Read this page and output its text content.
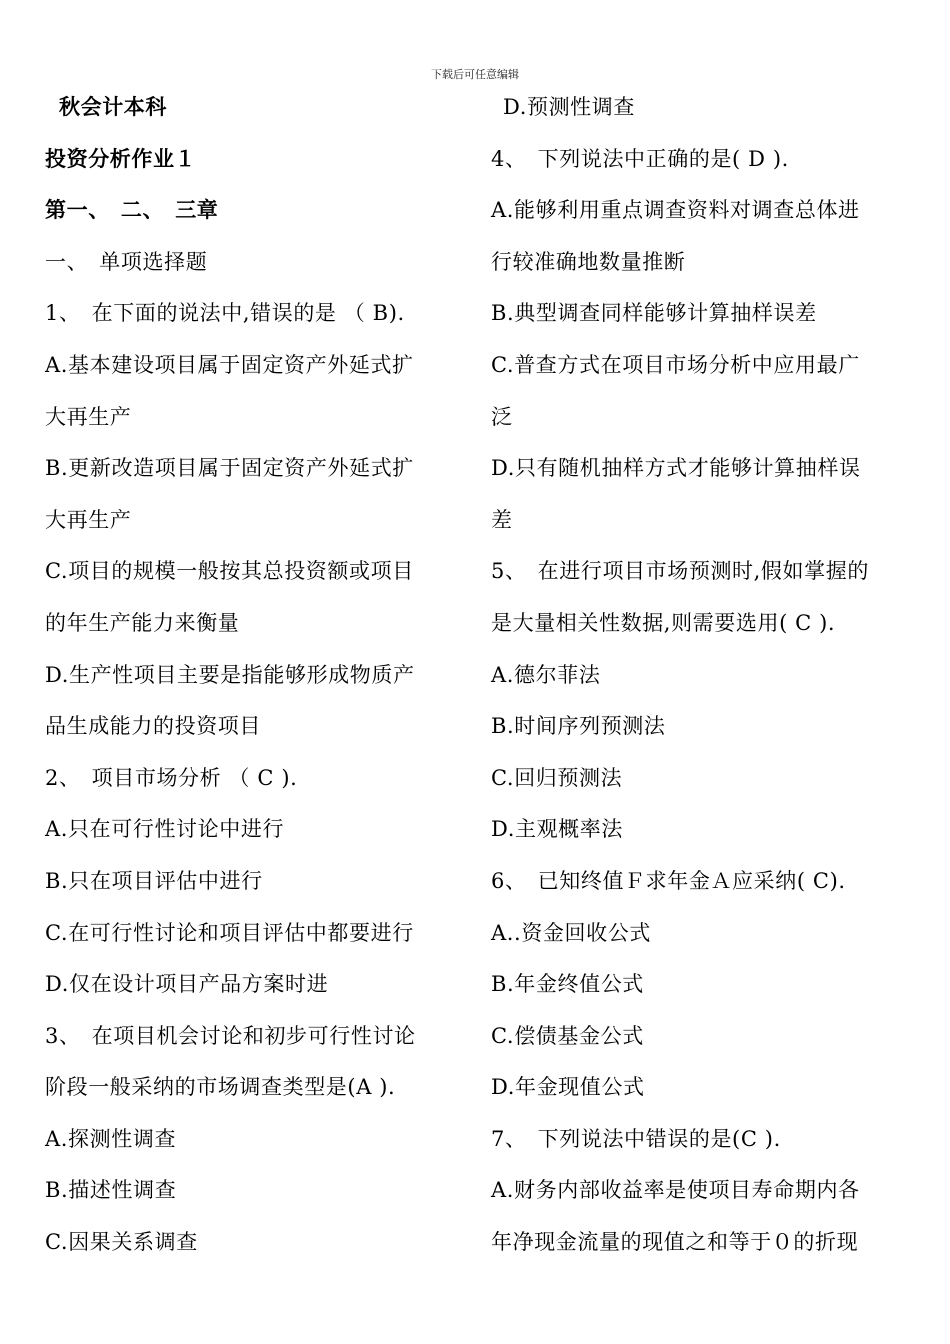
下载后可任意编辑
秋会计本科
投资分析作业１
第一、　二、　三章
一、　单项选择题
1、　在下面的说法中,错误的是 （ B).
A.基本建设项目属于固定资产外延式扩
大再生产
B.更新改造项目属于固定资产外延式扩
大再生产
C.项目的规模一般按其总投资额或项目
的年生产能力来衡量
D.生产性项目主要是指能够形成物质产
品生成能力的投资项目
2、　项目市场分析 （ C ).
A.只在可行性讨论中进行
B.只在项目评估中进行
C.在可行性讨论和项目评估中都要进行
D.仅在设计项目产品方案时进
3、　在项目机会讨论和初步可行性讨论
阶段一般采纳的市场调查类型是(A ).
A.探测性调查
B.描述性调查
C.因果关系调查
D.预测性调查
4、　下列说法中正确的是( D ).
A.能够利用重点调查资料对调查总体进
行较准确地数量推断
B.典型调查同样能够计算抽样误差
C.普查方式在项目市场分析中应用最广
泛
D.只有随机抽样方式才能够计算抽样误
差
5、　在进行项目市场预测时,假如掌握的
是大量相关性数据,则需要选用( C ).
A.德尔菲法
B.时间序列预测法
C.回归预测法
D.主观概率法
6、　已知终值Ｆ求年金Ａ应采纳( C).
A..资金回收公式
B.年金终值公式
C.偿债基金公式
D.年金现值公式
7、　下列说法中错误的是(C ).
A.财务内部收益率是使项目寿命期内各
年净现金流量的现值之和等于０的折现
